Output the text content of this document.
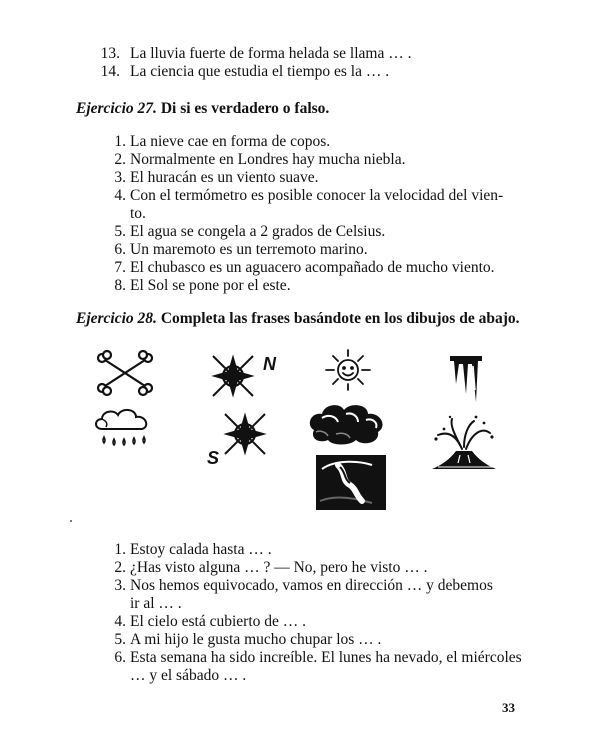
13. La lluvia fuerte de forma helada se llama … .
14. La ciencia que estudia el tiempo es la … .
Ejercicio 27. Di si es verdadero o falso.
1. La nieve cae en forma de copos.
2. Normalmente en Londres hay mucha niebla.
3. El huracán es un viento suave.
4. Con el termómetro es posible conocer la velocidad del vien-
to.
5. El agua se congela a 2 grados de Celsius.
6. Un maremoto es un terremoto marino.
7. El chubasco es un aguacero acompañado de mucho viento.
8. El Sol se pone por el este.
Ejercicio 28. Completa las frases basándote en los dibujos de abajo.
N
S
1. Estoy calada hasta … .
2. ¿Has visto alguna … ? — No, pero he visto … .
3. Nos hemos equivocado, vamos en dirección … y debemos
ir al … .
4. El cielo está cubierto de … .
5. A mi hijo le gusta mucho chupar los … .
6. Esta semana ha sido increíble. El lunes ha nevado, el miércoles
… y el sábado … .
33
